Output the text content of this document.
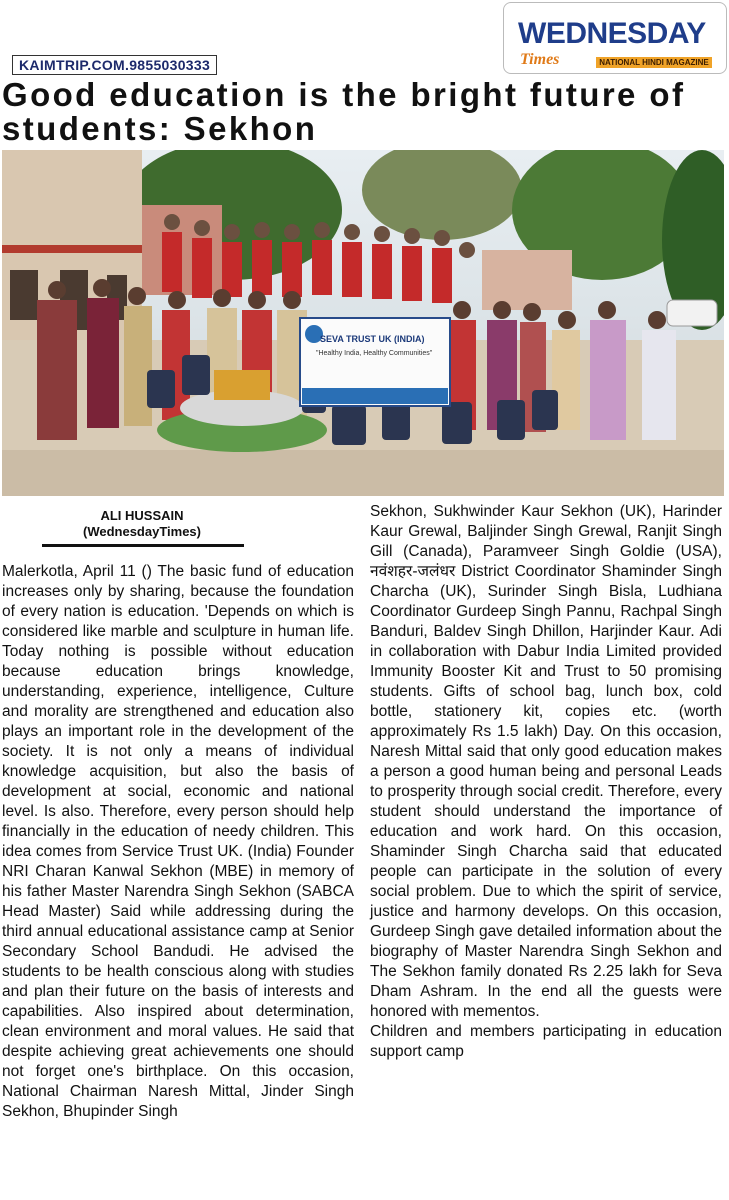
KAIMTRIP.COM.9855030333
WEDNESDAY
Times	NATIONAL HINDI MAGAZINE
Good education is the bright future of students: Sekhon
SEVA TRUST UK (INDIA)
"Healthy India, Healthy Communities"
ALI HUSSAIN
(WednesdayTimes)

Malerkotla, April 11 () The basic fund of education increases only by sharing, because the foundation of every nation is education. 'Depends on which is considered like marble and sculpture in human life. Today nothing is possible without education because education brings knowledge, understanding, experience, intelligence, Culture and morality are strengthened and education also plays an important role in the development of the society. It is not only a means of individual knowledge acquisition, but also the basis of development at social, economic and national level. Is also. Therefore, every person should help financially in the education of needy children. This idea comes from Service Trust UK. (India) Founder NRI Charan Kanwal Sekhon (MBE) in memory of his father Master Narendra Singh Sekhon (SABCA Head Master) Said while addressing during the third annual educational assistance camp at Senior Secondary School Bandudi. He advised the students to be health conscious along with studies and plan their future on the basis of interests and capabilities. Also inspired about determination, clean environment and moral values. He said that despite achieving great achievements one should not forget one's birthplace. On this occasion, National Chairman Naresh Mittal, Jinder Singh Sekhon, Bhupinder Singh

Sekhon, Sukhwinder Kaur Sekhon (UK), Harinder Kaur Grewal, Baljinder Singh Grewal, Ranjit Singh Gill (Canada), Paramveer Singh Goldie (USA), नवंशहर-जलंधर District Coordinator Shaminder Singh Charcha (UK), Surinder Singh Bisla, Ludhiana Coordinator Gurdeep Singh Pannu, Rachpal Singh Banduri, Baldev Singh Dhillon, Harjinder Kaur. Adi in collaboration with Dabur India Limited provided Immunity Booster Kit and Trust to 50 promising students. Gifts of school bag, lunch box, cold bottle, stationery kit, copies etc. (worth approximately Rs 1.5 lakh) Day. On this occasion, Naresh Mittal said that only good education makes a person a good human being and personal Leads to prosperity through social credit. Therefore, every student should understand the importance of education and work hard. On this occasion, Shaminder Singh Charcha said that educated people can participate in the solution of every social problem. Due to which the spirit of service, justice and harmony develops. On this occasion, Gurdeep Singh gave detailed information about the biography of Master Narendra Singh Sekhon and The Sekhon family donated Rs 2.25 lakh for Seva Dham Ashram. In the end all the guests were honored with mementos.

Children and members participating in education support camp
